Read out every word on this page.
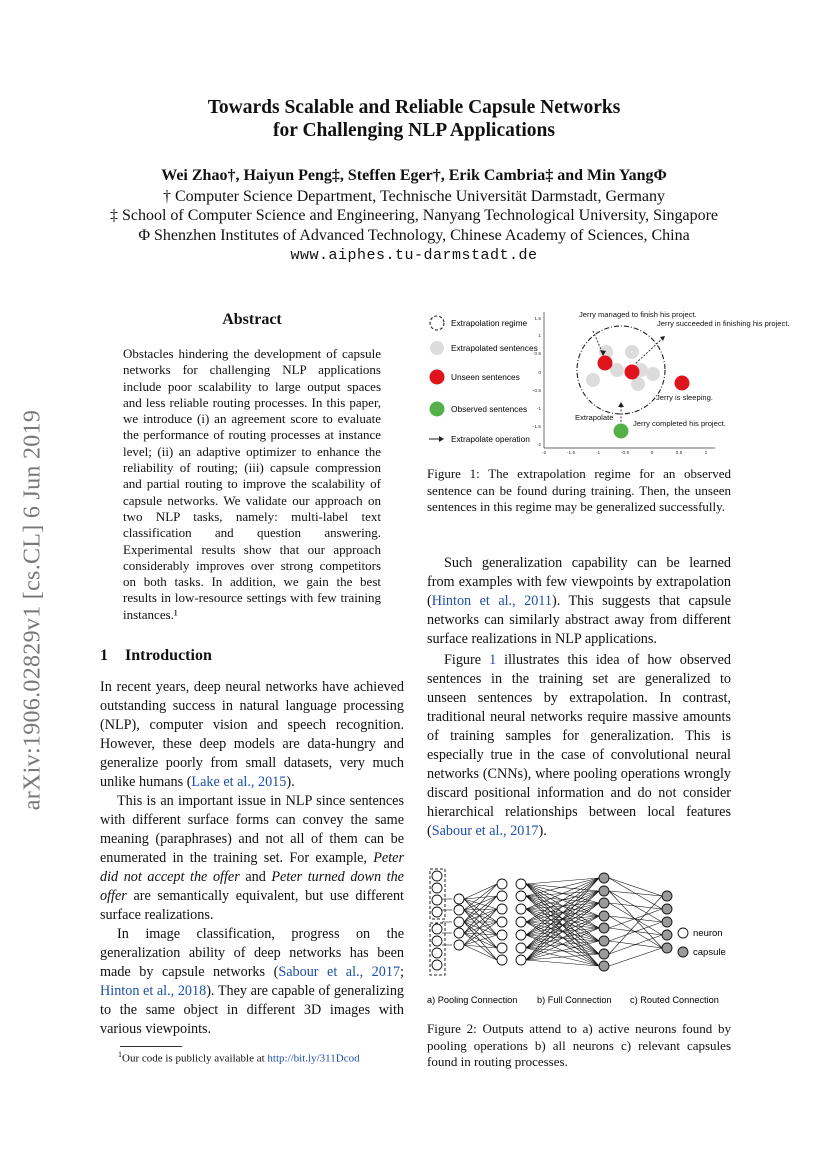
Towards Scalable and Reliable Capsule Networks
for Challenging NLP Applications
Wei Zhao†, Haiyun Peng‡, Steffen Eger†, Erik Cambria‡ and Min YangΦ
† Computer Science Department, Technische Universität Darmstadt, Germany
‡ School of Computer Science and Engineering, Nanyang Technological University, Singapore
Φ Shenzhen Institutes of Advanced Technology, Chinese Academy of Sciences, China
www.aiphes.tu-darmstadt.de
arXiv:1906.02829v1 [cs.CL] 6 Jun 2019
Abstract
Obstacles hindering the development of capsule networks for challenging NLP applications include poor scalability to large output spaces and less reliable routing processes. In this paper, we introduce (i) an agreement score to evaluate the performance of routing processes at instance level; (ii) an adaptive optimizer to enhance the reliability of routing; (iii) capsule compression and partial routing to improve the scalability of capsule networks. We validate our approach on two NLP tasks, namely: multi-label text classification and question answering. Experimental results show that our approach considerably improves over strong competitors on both tasks. In addition, we gain the best results in low-resource settings with few training instances.¹
1 Introduction
In recent years, deep neural networks have achieved outstanding success in natural language processing (NLP), computer vision and speech recognition. However, these deep models are data-hungry and generalize poorly from small datasets, very much unlike humans (Lake et al., 2015).
This is an important issue in NLP since sentences with different surface forms can convey the same meaning (paraphrases) and not all of them can be enumerated in the training set. For example, Peter did not accept the offer and Peter turned down the offer are semantically equivalent, but use different surface realizations.
In image classification, progress on the generalization ability of deep networks has been made by capsule networks (Sabour et al., 2017; Hinton et al., 2018). They are capable of generalizing to the same object in different 3D images with various viewpoints.
$^1$Our code is publicly available at http://bit.ly/311Dcod
Extrapolation regime
Extrapolated sentences
Unseen sentences
Observed sentences
Extrapolate operation
1.5
1
0.5
0
-0.5
-1
-1.5
-2
-2	-1.5	-1	-0.5	0	0.5	1
Jerry managed to finish his project.
Jerry succeeded in finishing his project.
Jerry is sleeping.
Jerry completed his project.
Extrapolate
Figure 1: The extrapolation regime for an observed sentence can be found during training. Then, the unseen sentences in this regime may be generalized successfully.
Such generalization capability can be learned from examples with few viewpoints by extrapolation (Hinton et al., 2011). This suggests that capsule networks can similarly abstract away from different surface realizations in NLP applications.
Figure 1 illustrates this idea of how observed sentences in the training set are generalized to unseen sentences by extrapolation. In contrast, traditional neural networks require massive amounts of training samples for generalization. This is especially true in the case of convolutional neural networks (CNNs), where pooling operations wrongly discard positional information and do not consider hierarchical relationships between local features (Sabour et al., 2017).
neuron
capsule
a) Pooling Connection b) Full Connection c) Routed Connection
Figure 2: Outputs attend to a) active neurons found by pooling operations b) all neurons c) relevant capsules found in routing processes.
